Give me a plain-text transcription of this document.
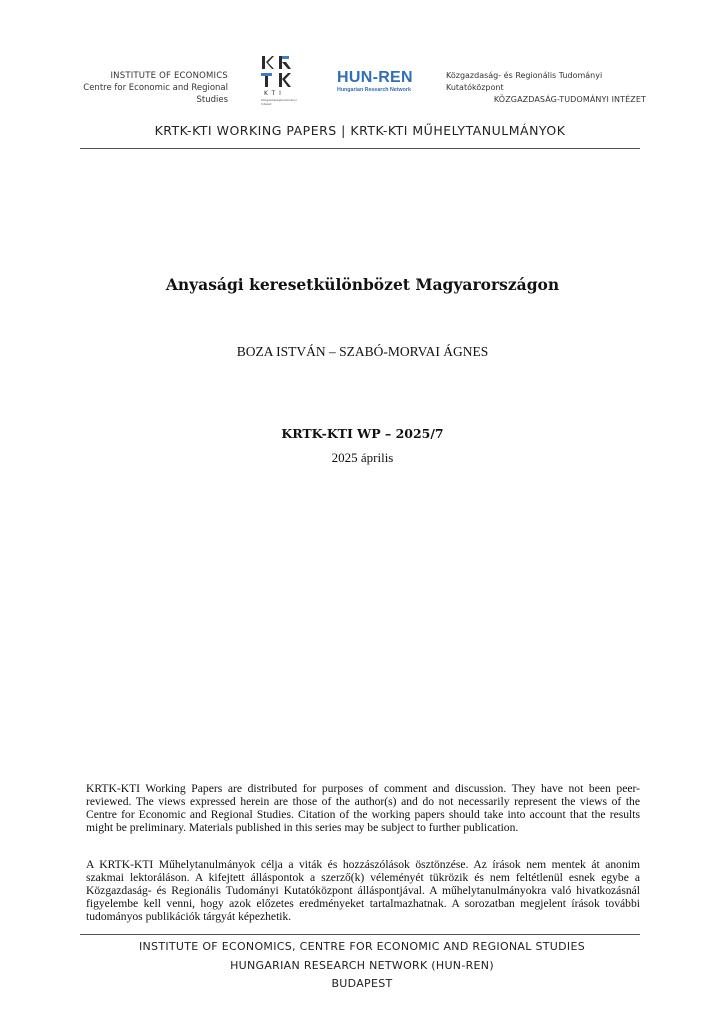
INSTITUTE OF ECONOMICS
Centre for Economic and Regional Studies
KTI
Közgazdaságtudományi Intézet
HUN-REN
Hungarian Research Network
Közgazdaság- és Regionális Tudományi Kutatóközpont
KÖZGAZDASÁG-TUDOMÁNYI INTÉZET
KRTK-KTI WORKING PAPERS | KRTK-KTI MŰHELYTANULMÁNYOK
Anyasági keresetkülönbözet Magyarországon
BOZA ISTVÁN – SZABÓ-MORVAI ÁGNES
KRTK-KTI WP – 2025/7
2025 április

KRTK-KTI Working Papers are distributed for purposes of comment and discussion. They have not been peer-reviewed. The views expressed herein are those of the author(s) and do not necessarily represent the views of the Centre for Economic and Regional Studies. Citation of the working papers should take into account that the results might be preliminary. Materials published in this series may be subject to further publication.

A KRTK-KTI Műhelytanulmányok célja a viták és hozzászólások ösztönzése. Az írások nem mentek át anonim szakmai lektoráláson. A kifejtett álláspontok a szerző(k) véleményét tükrözik és nem feltétlenül esnek egybe a Közgazdaság- és Regionális Tudományi Kutatóközpont álláspontjával. A műhelytanulmányokra való hivatkozásnál figyelembe kell venni, hogy azok előzetes eredményeket tartalmazhatnak. A sorozatban megjelent írások további tudományos publikációk tárgyát képezhetik.

INSTITUTE OF ECONOMICS, CENTRE FOR ECONOMIC AND REGIONAL STUDIES
HUNGARIAN RESEARCH NETWORK (HUN-REN)
BUDAPEST
